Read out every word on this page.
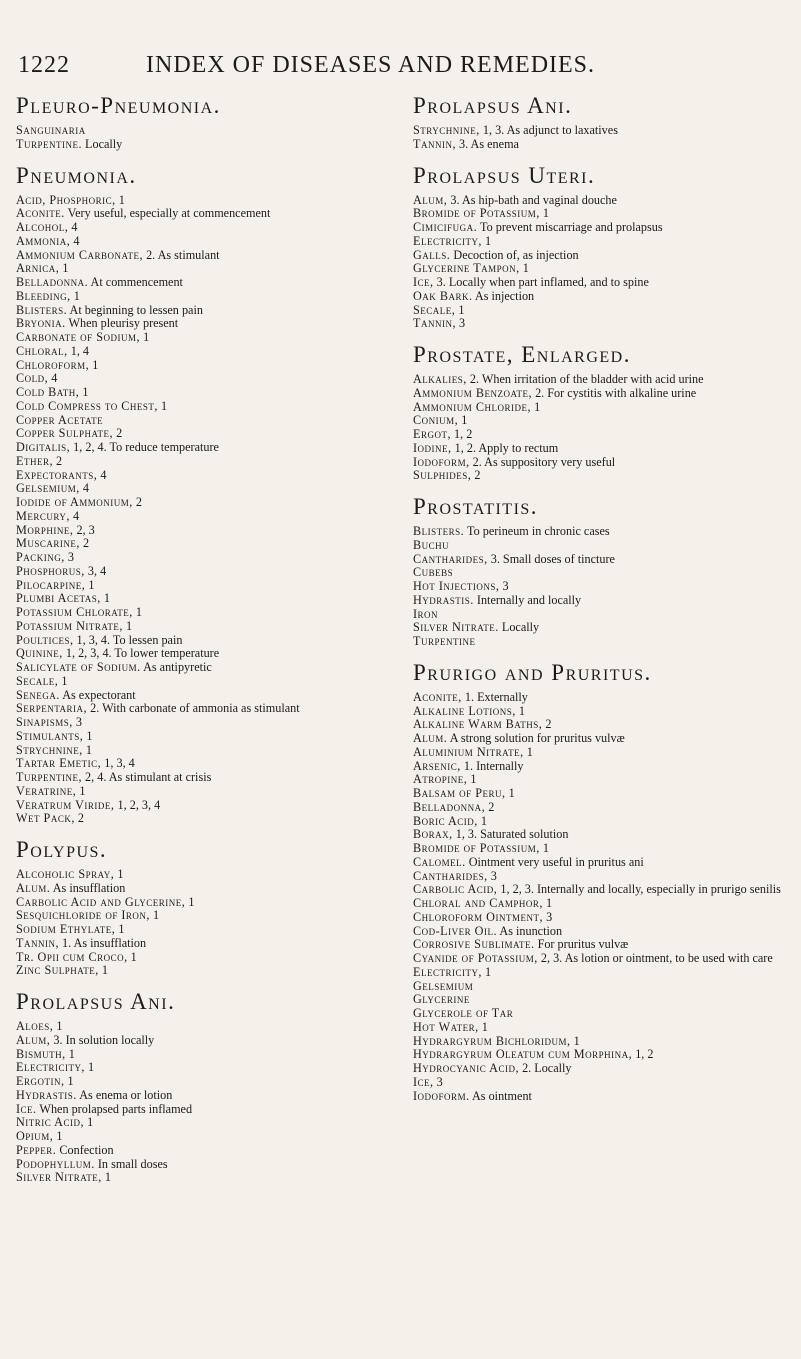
1222	INDEX OF DISEASES AND REMEDIES.
Pleuro-Pneumonia.
Sanguinaria
Turpentine. Locally
Pneumonia.
Acid, Phosphoric, 1
Aconite. Very useful, especially at commencement
Alcohol, 4
Ammonia, 4
Ammonium Carbonate, 2. As stimulant
Arnica, 1
Belladonna. At commencement
Bleeding, 1
Blisters. At beginning to lessen pain
Bryonia. When pleurisy present
Carbonate of Sodium, 1
Chloral, 1, 4
Chloroform, 1
Cold, 4
Cold Bath, 1
Cold Compress to Chest, 1
Copper Acetate
Copper Sulphate, 2
Digitalis, 1, 2, 4. To reduce temperature
Ether, 2
Expectorants, 4
Gelsemium, 4
Iodide of Ammonium, 2
Mercury, 4
Morphine, 2, 3
Muscarine, 2
Packing, 3
Phosphorus, 3, 4
Pilocarpine, 1
Plumbi Acetas, 1
Potassium Chlorate, 1
Potassium Nitrate, 1
Poultices, 1, 3, 4. To lessen pain
Quinine, 1, 2, 3, 4. To lower temperature
Salicylate of Sodium. As antipyretic
Secale, 1
Senega. As expectorant
Serpentaria, 2. With carbonate of ammonia as stimulant
Sinapisms, 3
Stimulants, 1
Strychnine, 1
Tartar Emetic, 1, 3, 4
Turpentine, 2, 4. As stimulant at crisis
Veratrine, 1
Veratrum Viride, 1, 2, 3, 4
Wet Pack, 2
Polypus.
Alcoholic Spray, 1
Alum. As insufflation
Carbolic Acid and Glycerine, 1
Sesquichloride of Iron, 1
Sodium Ethylate, 1
Tannin, 1. As insufflation
Tr. Opii cum Croco, 1
Zinc Sulphate, 1
Prolapsus Ani.
Aloes, 1
Alum, 3. In solution locally
Bismuth, 1
Electricity, 1
Ergotin, 1
Hydrastis. As enema or lotion
Ice. When prolapsed parts inflamed
Nitric Acid, 1
Opium, 1
Pepper. Confection
Podophyllum. In small doses
Silver Nitrate, 1
Prolapsus Ani.
Strychnine, 1, 3. As adjunct to laxatives
Tannin, 3. As enema
Prolapsus Uteri.
Alum, 3. As hip-bath and vaginal douche
Bromide of Potassium, 1
Cimicifuga. To prevent miscarriage and prolapsus
Electricity, 1
Galls. Decoction of, as injection
Glycerine Tampon, 1
Ice, 3. Locally when part inflamed, and to spine
Oak Bark. As injection
Secale, 1
Tannin, 3
Prostate, Enlarged.
Alkalies, 2. When irritation of the bladder with acid urine
Ammonium Benzoate, 2. For cystitis with alkaline urine
Ammonium Chloride, 1
Conium, 1
Ergot, 1, 2
Iodine, 1, 2. Apply to rectum
Iodoform, 2. As suppository very useful
Sulphides, 2
Prostatitis.
Blisters. To perineum in chronic cases
Buchu
Cantharides, 3. Small doses of tincture
Cubebs
Hot Injections, 3
Hydrastis. Internally and locally
Iron
Silver Nitrate. Locally
Turpentine
Prurigo and Pruritus.
Aconite, 1. Externally
Alkaline Lotions, 1
Alkaline Warm Baths, 2
Alum. A strong solution for pruritus vulvæ
Aluminium Nitrate, 1
Arsenic, 1. Internally
Atropine, 1
Balsam of Peru, 1
Belladonna, 2
Boric Acid, 1
Borax, 1, 3. Saturated solution
Bromide of Potassium, 1
Calomel. Ointment very useful in pruritus ani
Cantharides, 3
Carbolic Acid, 1, 2, 3. Internally and locally, especially in prurigo senilis
Chloral and Camphor, 1
Chloroform Ointment, 3
Cod-Liver Oil. As inunction
Corrosive Sublimate. For pruritus vulvæ
Cyanide of Potassium, 2, 3. As lotion or ointment, to be used with care
Electricity, 1
Gelsemium
Glycerine
Glycerole of Tar
Hot Water, 1
Hydrargyrum Bichloridum, 1
Hydrargyrum Oleatum cum Morphina, 1, 2
Hydrocyanic Acid, 2. Locally
Ice, 3
Iodoform. As ointment
